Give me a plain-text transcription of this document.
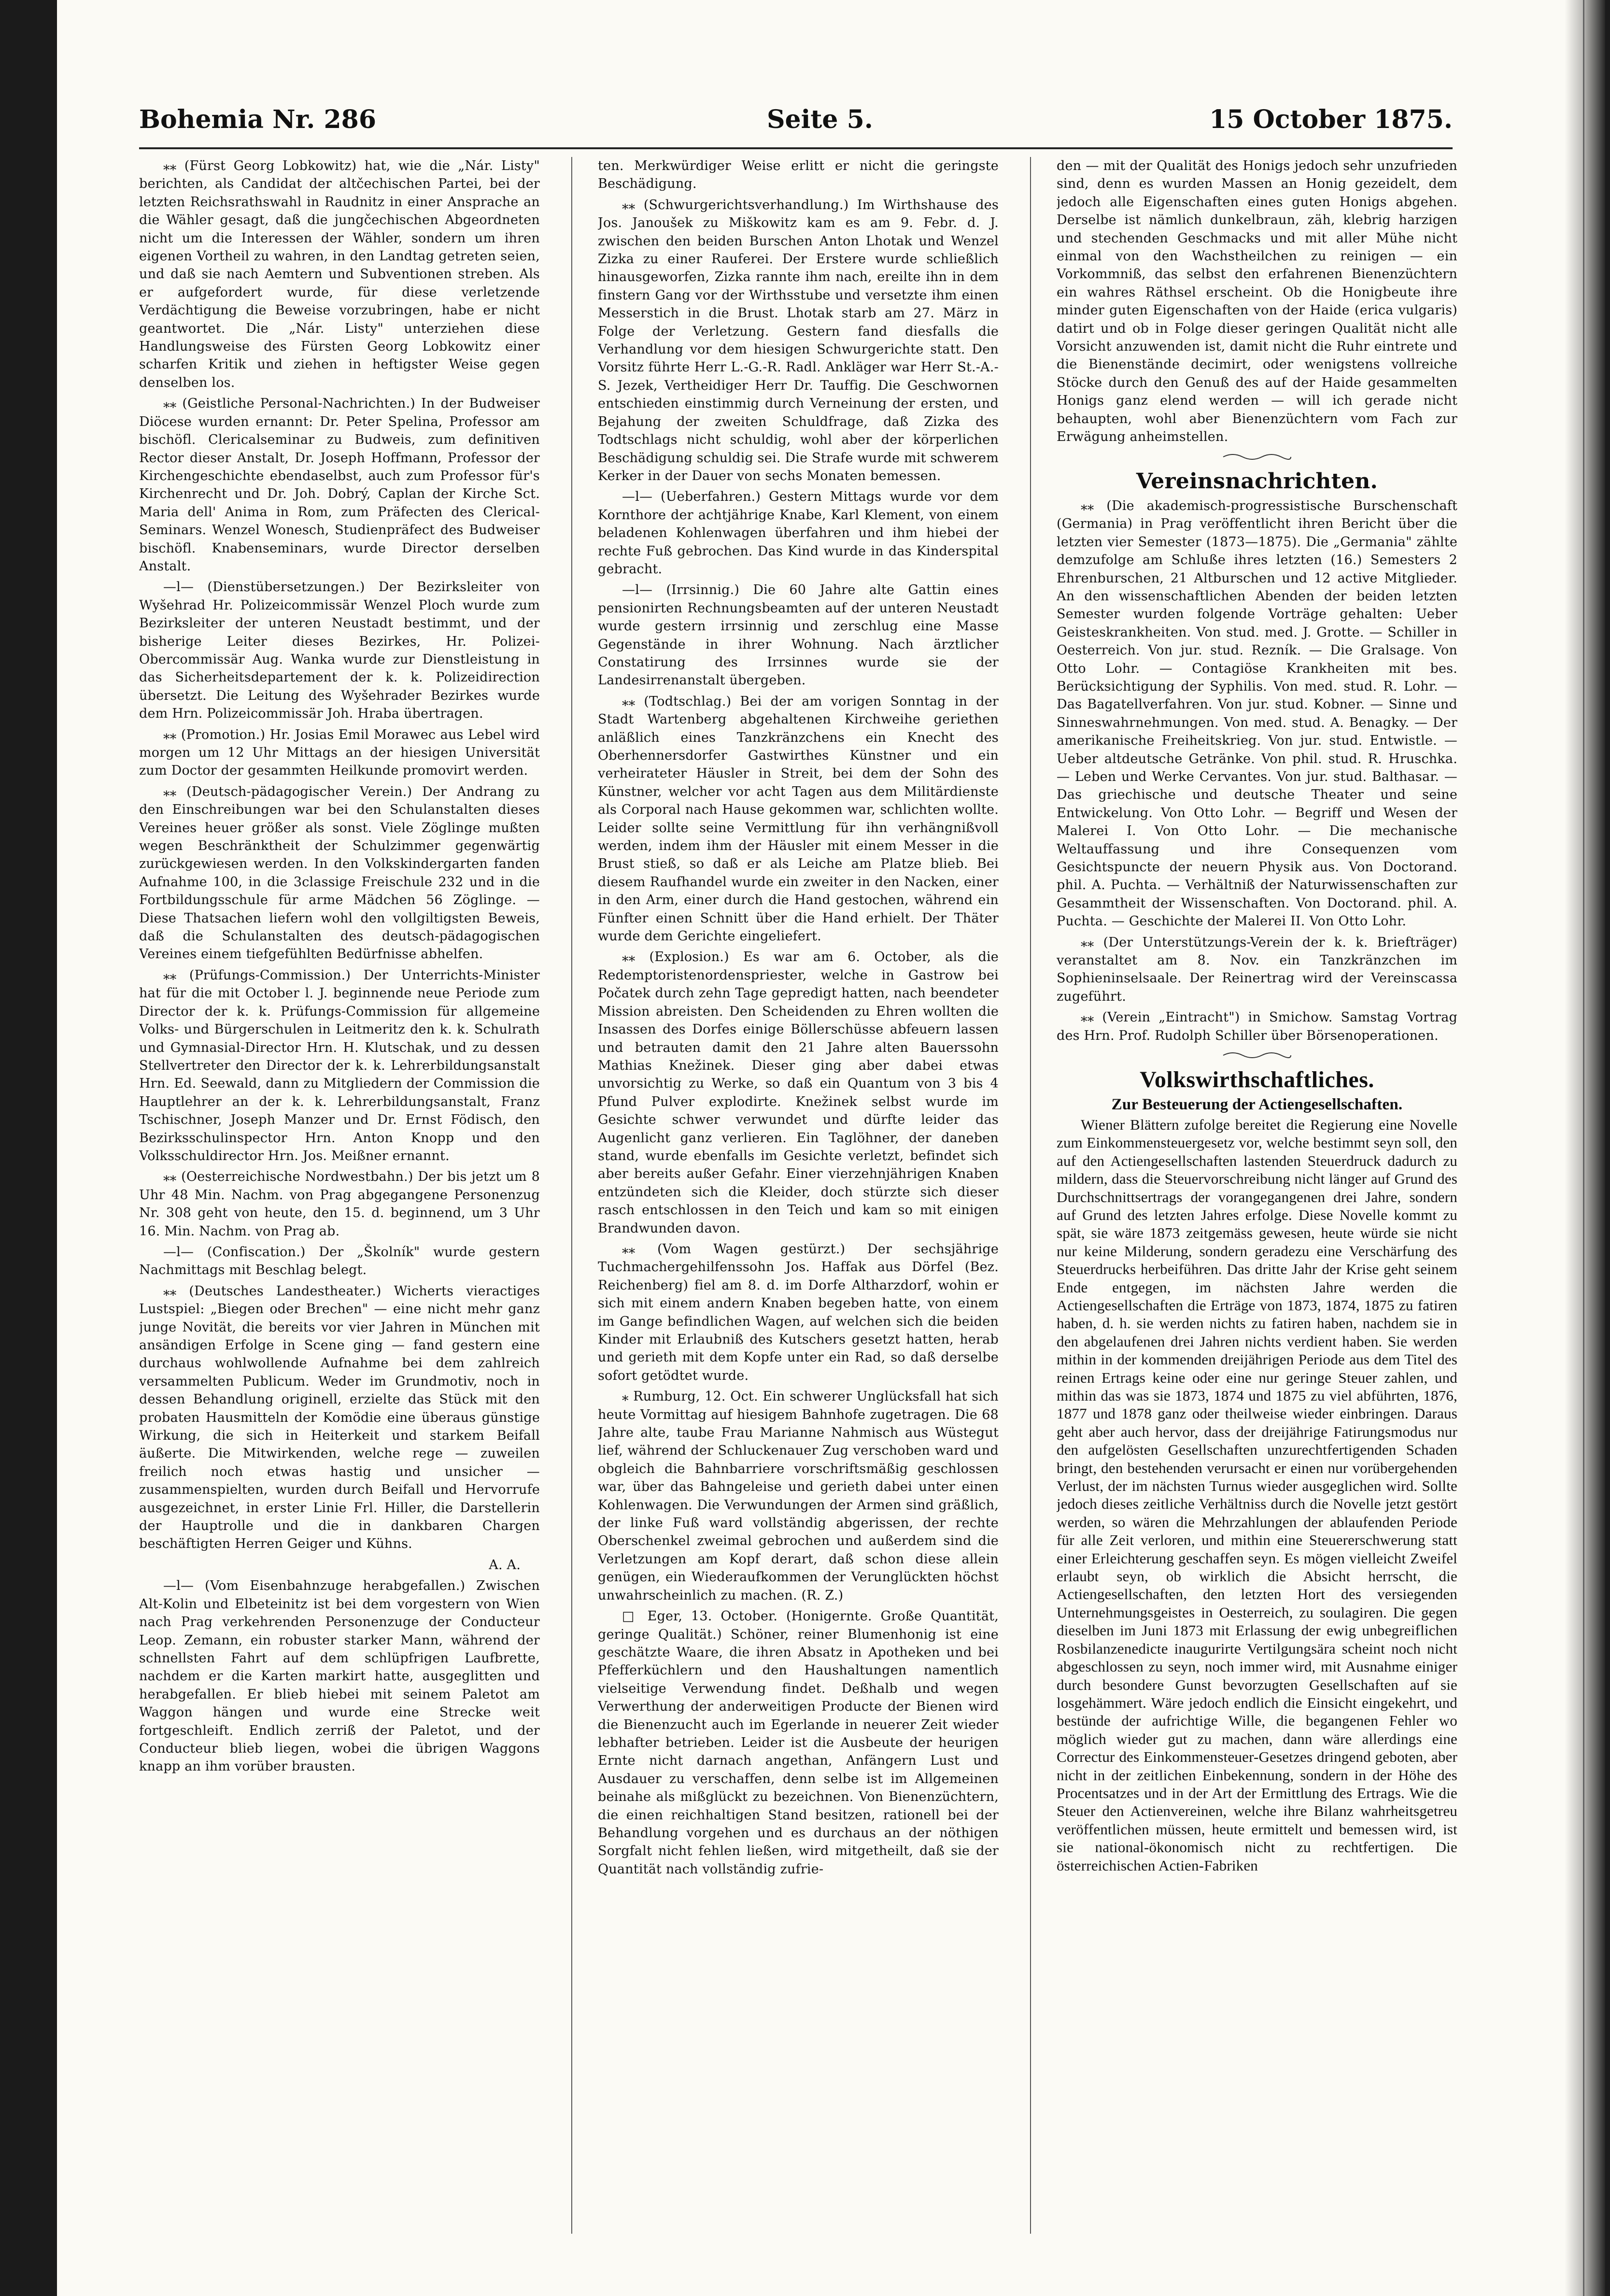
Bohemia Nr. 286	Seite 5.	15 October 1875.

⁎⁎ (Fürst Georg Lobkowitz) hat, wie die „Nár. Listy" berichten, als Candidat der altčechischen Partei, bei der letzten Reichsrathswahl in Raudnitz in einer Ansprache an die Wähler gesagt, daß die jungčechischen Abgeordneten nicht um die Interessen der Wähler, sondern um ihren eigenen Vortheil zu wahren, in den Landtag getreten seien, und daß sie nach Aemtern und Subventionen streben. Als er aufgefordert wurde, für diese verletzende Verdächtigung die Beweise vorzubringen, habe er nicht geantwortet. Die „Nár. Listy" unterziehen diese Handlungsweise des Fürsten Georg Lobkowitz einer scharfen Kritik und ziehen in heftigster Weise gegen denselben los.

⁎⁎ (Geistliche Personal-Nachrichten.) In der Budweiser Diöcese wurden ernannt: Dr. Peter Spelina, Professor am bischöfl. Clericalseminar zu Budweis, zum definitiven Rector dieser Anstalt, Dr. Joseph Hoffmann, Professor der Kirchengeschichte ebendaselbst, auch zum Professor für's Kirchenrecht und Dr. Joh. Dobrý, Caplan der Kirche Sct. Maria dell' Anima in Rom, zum Präfecten des Clerical-Seminars. Wenzel Wonesch, Studienpräfect des Budweiser bischöfl. Knabenseminars, wurde Director derselben Anstalt.

—l— (Dienstübersetzungen.) Der Bezirksleiter von Wyšehrad Hr. Polizeicommissär Wenzel Ploch wurde zum Bezirksleiter der unteren Neustadt bestimmt, und der bisherige Leiter dieses Bezirkes, Hr. Polizei-Obercommissär Aug. Wanka wurde zur Dienstleistung in das Sicherheitsdepartement der k. k. Polizeidirection übersetzt. Die Leitung des Wyšehrader Bezirkes wurde dem Hrn. Polizeicommissär Joh. Hraba übertragen.

⁎⁎ (Promotion.) Hr. Josias Emil Morawec aus Lebel wird morgen um 12 Uhr Mittags an der hiesigen Universität zum Doctor der gesammten Heilkunde promovirt werden.

⁎⁎ (Deutsch-pädagogischer Verein.) Der Andrang zu den Einschreibungen war bei den Schulanstalten dieses Vereines heuer größer als sonst. Viele Zöglinge mußten wegen Beschränktheit der Schulzimmer gegenwärtig zurückgewiesen werden. In den Volkskindergarten fanden Aufnahme 100, in die 3classige Freischule 232 und in die Fortbildungsschule für arme Mädchen 56 Zöglinge. — Diese Thatsachen liefern wohl den vollgiltigsten Beweis, daß die Schulanstalten des deutsch-pädagogischen Vereines einem tiefgefühlten Bedürfnisse abhelfen.

⁎⁎ (Prüfungs-Commission.) Der Unterrichts-Minister hat für die mit October l. J. beginnende neue Periode zum Director der k. k. Prüfungs-Commission für allgemeine Volks- und Bürgerschulen in Leitmeritz den k. k. Schulrath und Gymnasial-Director Hrn. H. Klutschak, und zu dessen Stellvertreter den Director der k. k. Lehrerbildungsanstalt Hrn. Ed. Seewald, dann zu Mitgliedern der Commission die Hauptlehrer an der k. k. Lehrerbildungsanstalt, Franz Tschischner, Joseph Manzer und Dr. Ernst Födisch, den Bezirksschulinspector Hrn. Anton Knopp und den Volksschuldirector Hrn. Jos. Meißner ernannt.

⁎⁎ (Oesterreichische Nordwestbahn.) Der bis jetzt um 8 Uhr 48 Min. Nachm. von Prag abgegangene Personenzug Nr. 308 geht von heute, den 15. d. beginnend, um 3 Uhr 16. Min. Nachm. von Prag ab.

—l— (Confiscation.) Der „Školník" wurde gestern Nachmittags mit Beschlag belegt.

⁎⁎ (Deutsches Landestheater.) Wicherts vieractiges Lustspiel: „Biegen oder Brechen" — eine nicht mehr ganz junge Novität, die bereits vor vier Jahren in München mit ansändigen Erfolge in Scene ging — fand gestern eine durchaus wohlwollende Aufnahme bei dem zahlreich versammelten Publicum. Weder im Grundmotiv, noch in dessen Behandlung originell, erzielte das Stück mit den probaten Hausmitteln der Komödie eine überaus günstige Wirkung, die sich in Heiterkeit und starkem Beifall äußerte. Die Mitwirkenden, welche rege — zuweilen freilich noch etwas hastig und unsicher — zusammenspielten, wurden durch Beifall und Hervorrufe ausgezeichnet, in erster Linie Frl. Hiller, die Darstellerin der Hauptrolle und die in dankbaren Chargen beschäftigten Herren Geiger und Kühns.

A. A.

—l— (Vom Eisenbahnzuge herabgefallen.) Zwischen Alt-Kolin und Elbeteinitz ist bei dem vorgestern von Wien nach Prag verkehrenden Personenzuge der Conducteur Leop. Zemann, ein robuster starker Mann, während der schnellsten Fahrt auf dem schlüpfrigen Laufbrette, nachdem er die Karten markirt hatte, ausgeglitten und herabgefallen. Er blieb hiebei mit seinem Paletot am Waggon hängen und wurde eine Strecke weit fortgeschleift. Endlich zerriß der Paletot, und der Conducteur blieb liegen, wobei die übrigen Waggons knapp an ihm vorüber brausten.

ten. Merkwürdiger Weise erlitt er nicht die geringste Beschädigung.

⁎⁎ (Schwurgerichtsverhandlung.) Im Wirthshause des Jos. Janoušek zu Miškowitz kam es am 9. Febr. d. J. zwischen den beiden Burschen Anton Lhotak und Wenzel Zizka zu einer Rauferei. Der Erstere wurde schließlich hinausgeworfen, Zizka rannte ihm nach, ereilte ihn in dem finstern Gang vor der Wirthsstube und versetzte ihm einen Messerstich in die Brust. Lhotak starb am 27. März in Folge der Verletzung. Gestern fand diesfalls die Verhandlung vor dem hiesigen Schwurgerichte statt. Den Vorsitz führte Herr L.-G.-R. Radl. Ankläger war Herr St.-A.-S. Jezek, Vertheidiger Herr Dr. Tauffig. Die Geschwornen entschieden einstimmig durch Verneinung der ersten, und Bejahung der zweiten Schuldfrage, daß Zizka des Todtschlags nicht schuldig, wohl aber der körperlichen Beschädigung schuldig sei. Die Strafe wurde mit schwerem Kerker in der Dauer von sechs Monaten bemessen.

—l— (Ueberfahren.) Gestern Mittags wurde vor dem Kornthore der achtjährige Knabe, Karl Klement, von einem beladenen Kohlenwagen überfahren und ihm hiebei der rechte Fuß gebrochen. Das Kind wurde in das Kinderspital gebracht.

—l— (Irrsinnig.) Die 60 Jahre alte Gattin eines pensionirten Rechnungsbeamten auf der unteren Neustadt wurde gestern irrsinnig und zerschlug eine Masse Gegenstände in ihrer Wohnung. Nach ärztlicher Constatirung des Irrsinnes wurde sie der Landesirrenanstalt übergeben.

⁎⁎ (Todtschlag.) Bei der am vorigen Sonntag in der Stadt Wartenberg abgehaltenen Kirchweihe geriethen anläßlich eines Tanzkränzchens ein Knecht des Oberhennersdorfer Gastwirthes Künstner und ein verheirateter Häusler in Streit, bei dem der Sohn des Künstner, welcher vor acht Tagen aus dem Militärdienste als Corporal nach Hause gekommen war, schlichten wollte. Leider sollte seine Vermittlung für ihn verhängnißvoll werden, indem ihm der Häusler mit einem Messer in die Brust stieß, so daß er als Leiche am Platze blieb. Bei diesem Raufhandel wurde ein zweiter in den Nacken, einer in den Arm, einer durch die Hand gestochen, während ein Fünfter einen Schnitt über die Hand erhielt. Der Thäter wurde dem Gerichte eingeliefert.

⁎⁎ (Explosion.) Es war am 6. October, als die Redemptoristenordenspriester, welche in Gastrow bei Počatek durch zehn Tage gepredigt hatten, nach beendeter Mission abreisten. Den Scheidenden zu Ehren wollten die Insassen des Dorfes einige Böllerschüsse abfeuern lassen und betrauten damit den 21 Jahre alten Bauerssohn Mathias Knežinek. Dieser ging aber dabei etwas unvorsichtig zu Werke, so daß ein Quantum von 3 bis 4 Pfund Pulver explodirte. Knežinek selbst wurde im Gesichte schwer verwundet und dürfte leider das Augenlicht ganz verlieren. Ein Taglöhner, der daneben stand, wurde ebenfalls im Gesichte verletzt, befindet sich aber bereits außer Gefahr. Einer vierzehnjährigen Knaben entzündeten sich die Kleider, doch stürzte sich dieser rasch entschlossen in den Teich und kam so mit einigen Brandwunden davon.

⁎⁎ (Vom Wagen gestürzt.) Der sechsjährige Tuchmachergehilfenssohn Jos. Haffak aus Dörfel (Bez. Reichenberg) fiel am 8. d. im Dorfe Altharzdorf, wohin er sich mit einem andern Knaben begeben hatte, von einem im Gange befindlichen Wagen, auf welchen sich die beiden Kinder mit Erlaubniß des Kutschers gesetzt hatten, herab und gerieth mit dem Kopfe unter ein Rad, so daß derselbe sofort getödtet wurde.

⁎ Rumburg, 12. Oct. Ein schwerer Unglücksfall hat sich heute Vormittag auf hiesigem Bahnhofe zugetragen. Die 68 Jahre alte, taube Frau Marianne Nahmisch aus Wüstegut lief, während der Schluckenauer Zug verschoben ward und obgleich die Bahnbarriere vorschriftsmäßig geschlossen war, über das Bahngeleise und gerieth dabei unter einen Kohlenwagen. Die Verwundungen der Armen sind gräßlich, der linke Fuß ward vollständig abgerissen, der rechte Oberschenkel zweimal gebrochen und außerdem sind die Verletzungen am Kopf derart, daß schon diese allein genügen, ein Wiederaufkommen der Verunglückten höchst unwahrscheinlich zu machen. (R. Z.)

□ Eger, 13. October. (Honigernte. Große Quantität, geringe Qualität.) Schöner, reiner Blumenhonig ist eine geschätzte Waare, die ihren Absatz in Apotheken und bei Pfefferküchlern und den Haushaltungen namentlich vielseitige Verwendung findet. Deßhalb und wegen Verwerthung der anderweitigen Producte der Bienen wird die Bienenzucht auch im Egerlande in neuerer Zeit wieder lebhafter betrieben. Leider ist die Ausbeute der heurigen Ernte nicht darnach angethan, Anfängern Lust und Ausdauer zu verschaffen, denn selbe ist im Allgemeinen beinahe als mißglückt zu bezeichnen. Von Bienenzüchtern, die einen reichhaltigen Stand besitzen, rationell bei der Behandlung vorgehen und es durchaus an der nöthigen Sorgfalt nicht fehlen ließen, wird mitgetheilt, daß sie der Quantität nach vollständig zufrie-

den — mit der Qualität des Honigs jedoch sehr unzufrieden sind, denn es wurden Massen an Honig gezeidelt, dem jedoch alle Eigenschaften eines guten Honigs abgehen. Derselbe ist nämlich dunkelbraun, zäh, klebrig harzigen und stechenden Geschmacks und mit aller Mühe nicht einmal von den Wachstheilchen zu reinigen — ein Vorkommniß, das selbst den erfahrenen Bienenzüchtern ein wahres Räthsel erscheint. Ob die Honigbeute ihre minder guten Eigenschaften von der Haide (erica vulgaris) datirt und ob in Folge dieser geringen Qualität nicht alle Vorsicht anzuwenden ist, damit nicht die Ruhr eintrete und die Bienenstände decimirt, oder wenigstens vollreiche Stöcke durch den Genuß des auf der Haide gesammelten Honigs ganz elend werden — will ich gerade nicht behaupten, wohl aber Bienenzüchtern vom Fach zur Erwägung anheimstellen.

Vereinsnachrichten.

⁎⁎ (Die akademisch-progressistische Burschenschaft (Germania) in Prag veröffentlicht ihren Bericht über die letzten vier Semester (1873—1875). Die „Germania" zählte demzufolge am Schluße ihres letzten (16.) Semesters 2 Ehrenburschen, 21 Altburschen und 12 active Mitglieder. An den wissenschaftlichen Abenden der beiden letzten Semester wurden folgende Vorträge gehalten: Ueber Geisteskrankheiten. Von stud. med. J. Grotte. — Schiller in Oesterreich. Von jur. stud. Rezník. — Die Gralsage. Von Otto Lohr. — Contagiöse Krankheiten mit bes. Berücksichtigung der Syphilis. Von med. stud. R. Lohr. — Das Bagatellverfahren. Von jur. stud. Kobner. — Sinne und Sinneswahrnehmungen. Von med. stud. A. Benagky. — Der amerikanische Freiheitskrieg. Von jur. stud. Entwistle. — Ueber altdeutsche Getränke. Von phil. stud. R. Hruschka. — Leben und Werke Cervantes. Von jur. stud. Balthasar. — Das griechische und deutsche Theater und seine Entwickelung. Von Otto Lohr. — Begriff und Wesen der Malerei I. Von Otto Lohr. — Die mechanische Weltauffassung und ihre Consequenzen vom Gesichtspuncte der neuern Physik aus. Von Doctorand. phil. A. Puchta. — Verhältniß der Naturwissenschaften zur Gesammtheit der Wissenschaften. Von Doctorand. phil. A. Puchta. — Geschichte der Malerei II. Von Otto Lohr.

⁎⁎ (Der Unterstützungs-Verein der k. k. Briefträger) veranstaltet am 8. Nov. ein Tanzkränzchen im Sophieninselsaale. Der Reinertrag wird der Vereinscassa zugeführt.

⁎⁎ (Verein „Eintracht") in Smichow. Samstag Vortrag des Hrn. Prof. Rudolph Schiller über Börsenoperationen.

Volkswirthschaftliches.
Zur Besteuerung der Actiengesellschaften.

Wiener Blättern zufolge bereitet die Regierung eine Novelle zum Einkommensteuergesetz vor, welche bestimmt seyn soll, den auf den Actiengesellschaften lastenden Steuerdruck dadurch zu mildern, dass die Steuervorschreibung nicht länger auf Grund des Durchschnittsertrags der vorangegangenen drei Jahre, sondern auf Grund des letzten Jahres erfolge. Diese Novelle kommt zu spät, sie wäre 1873 zeitgemäss gewesen, heute würde sie nicht nur keine Milderung, sondern geradezu eine Verschärfung des Steuerdrucks herbeiführen. Das dritte Jahr der Krise geht seinem Ende entgegen, im nächsten Jahre werden die Actiengesellschaften die Erträge von 1873, 1874, 1875 zu fatiren haben, d. h. sie werden nichts zu fatiren haben, nachdem sie in den abgelaufenen drei Jahren nichts verdient haben. Sie werden mithin in der kommenden dreijährigen Periode aus dem Titel des reinen Ertrags keine oder eine nur geringe Steuer zahlen, und mithin das was sie 1873, 1874 und 1875 zu viel abführten, 1876, 1877 und 1878 ganz oder theilweise wieder einbringen. Daraus geht aber auch hervor, dass der dreijährige Fatirungsmodus nur den aufgelösten Gesellschaften unzurechtfertigenden Schaden bringt, den bestehenden verursacht er einen nur vorübergehenden Verlust, der im nächsten Turnus wieder ausgeglichen wird. Sollte jedoch dieses zeitliche Verhältniss durch die Novelle jetzt gestört werden, so wären die Mehrzahlungen der ablaufenden Periode für alle Zeit verloren, und mithin eine Steuererschwerung statt einer Erleichterung geschaffen seyn. Es mögen vielleicht Zweifel erlaubt seyn, ob wirklich die Absicht herrscht, die Actiengesellschaften, den letzten Hort des versiegenden Unternehmungsgeistes in Oesterreich, zu soulagiren. Die gegen dieselben im Juni 1873 mit Erlassung der ewig unbegreiflichen Rosbilanzenedicte inaugurirte Vertilgungsära scheint noch nicht abgeschlossen zu seyn, noch immer wird, mit Ausnahme einiger durch besondere Gunst bevorzugten Gesellschaften auf sie losgehämmert. Wäre jedoch endlich die Einsicht eingekehrt, und bestünde der aufrichtige Wille, die begangenen Fehler wo möglich wieder gut zu machen, dann wäre allerdings eine Correctur des Einkommensteuer-Gesetzes dringend geboten, aber nicht in der zeitlichen Einbekennung, sondern in der Höhe des Procentsatzes und in der Art der Ermittlung des Ertrags. Wie die Steuer den Actienvereinen, welche ihre Bilanz wahrheitsgetreu veröffentlichen müssen, heute ermittelt und bemessen wird, ist sie national-ökonomisch nicht zu rechtfertigen. Die österreichischen Actien-Fabriken
